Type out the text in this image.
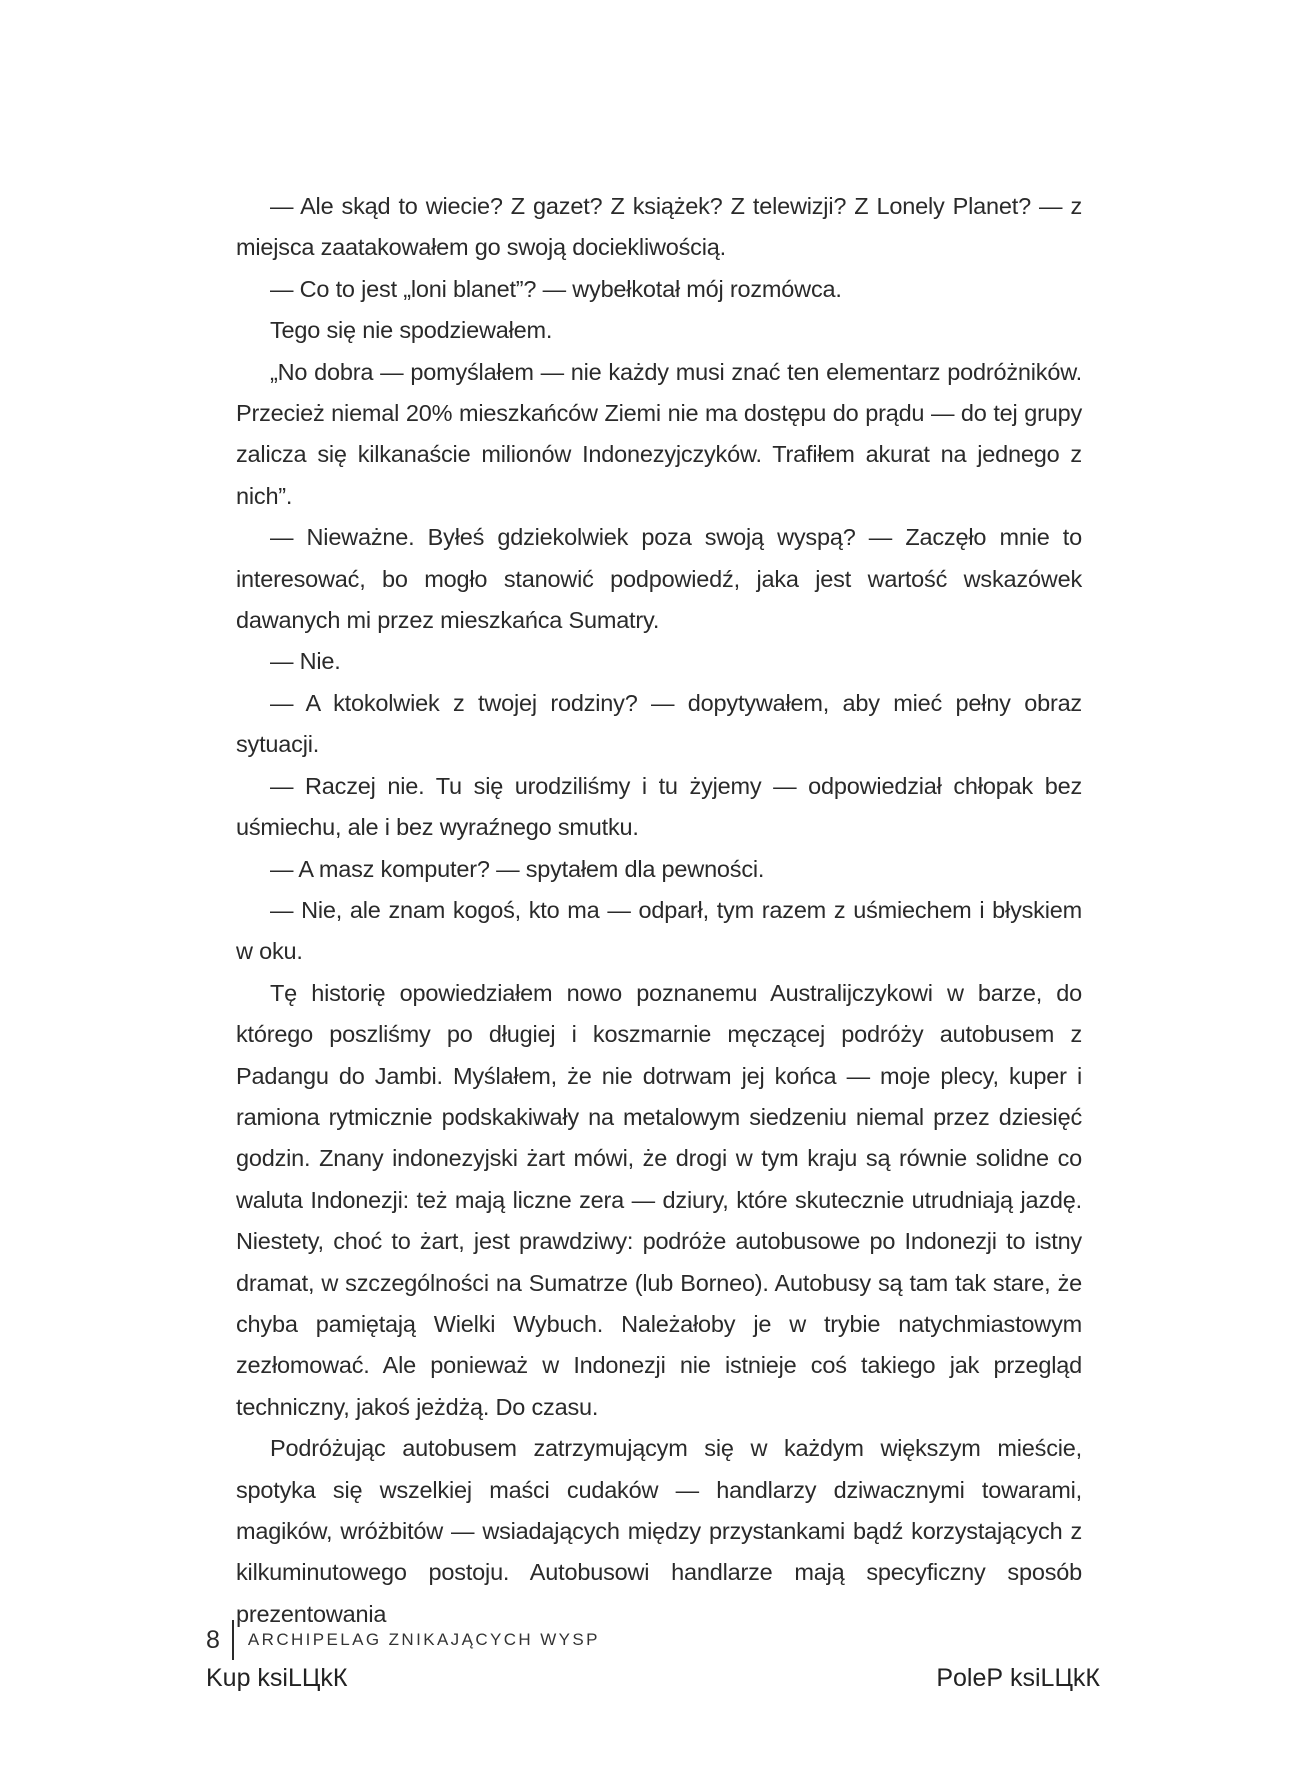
— Ale skąd to wiecie? Z gazet? Z książek? Z telewizji? Z Lonely Planet? — z miejsca zaatakowałem go swoją dociekliwością.

— Co to jest „loni blanet”? — wybełkotał mój rozmówca.

Tego się nie spodziewałem.

„No dobra — pomyślałem — nie każdy musi znać ten elementarz podróżników. Przecież niemal 20% mieszkańców Ziemi nie ma dostępu do prądu — do tej grupy zalicza się kilkanaście milionów Indonezyjczyków. Trafiłem akurat na jednego z nich”.

— Nieważne. Byłeś gdziekolwiek poza swoją wyspą? — Zaczęło mnie to interesować, bo mogło stanowić podpowiedź, jaka jest wartość wskazówek dawanych mi przez mieszkańca Sumatry.

— Nie.

— A ktokolwiek z twojej rodziny? — dopytywałem, aby mieć pełny obraz sytuacji.

— Raczej nie. Tu się urodziliśmy i tu żyjemy — odpowiedział chłopak bez uśmiechu, ale i bez wyraźnego smutku.

— A masz komputer? — spytałem dla pewności.

— Nie, ale znam kogoś, kto ma — odparł, tym razem z uśmiechem i błyskiem w oku.

Tę historię opowiedziałem nowo poznanemu Australijczykowi w barze, do którego poszliśmy po długiej i koszmarnie męczącej podróży autobusem z Padangu do Jambi. Myślałem, że nie dotrwam jej końca — moje plecy, kuper i ramiona rytmicznie podskakiwały na metalowym siedzeniu niemal przez dziesięć godzin. Znany indonezyjski żart mówi, że drogi w tym kraju są równie solidne co waluta Indonezji: też mają liczne zera — dziury, które skutecznie utrudniają jazdę. Niestety, choć to żart, jest prawdziwy: podróże autobusowe po Indonezji to istny dramat, w szczególności na Sumatrze (lub Borneo). Autobusy są tam tak stare, że chyba pamiętają Wielki Wybuch. Należałoby je w trybie natychmiastowym zezłomować. Ale ponieważ w Indonezji nie istnieje coś takiego jak przegląd techniczny, jakoś jeżdżą. Do czasu.

Podróżując autobusem zatrzymującym się w każdym większym mieście, spotyka się wszelkiej maści cudaków — handlarzy dziwacznymi towarami, magików, wróżbitów — wsiadających między przystankami bądź korzystających z kilkuminutowego postoju. Autobusowi handlarze mają specyficzny sposób prezentowania

8	ARCHIPELAG ZNIKAJĄCYCH WYSP
Kup ksiLЦkК	PoleР ksiLЦkК
